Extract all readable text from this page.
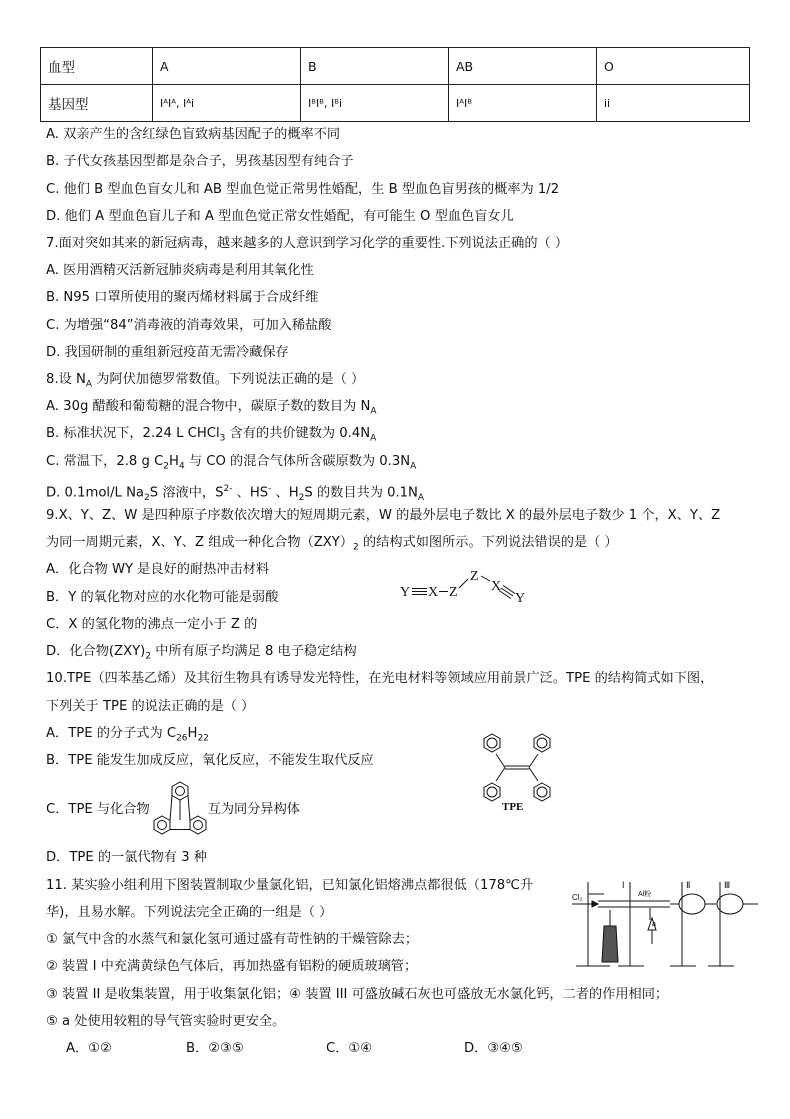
血型	A	B	AB	O
基因型	IᴬIᴬ, Iᴬi	IᴮIᴮ, Iᴮi	IᴬIᴮ	ii
A. 双亲产生的含红绿色盲致病基因配子的概率不同
B. 子代女孩基因型都是杂合子，男孩基因型有纯合子
C. 他们 B 型血色盲女儿和 AB 型血色觉正常男性婚配，生 B 型血色盲男孩的概率为 1/2
D. 他们 A 型血色盲儿子和 A 型血色觉正常女性婚配，有可能生 O 型血色盲女儿
7.面对突如其来的新冠病毒，越来越多的人意识到学习化学的重要性.下列说法正确的（ ）
A. 医用酒精灭活新冠肺炎病毒是利用其氧化性
B. N95 口罩所使用的聚丙烯材料属于合成纤维
C. 为增强“84”消毒液的消毒效果，可加入稀盐酸
D. 我国研制的重组新冠疫苗无需冷藏保存
8.设 $N_A$ 为阿伏加德罗常数值。下列说法正确的是（ ）
A. 30g 醋酸和葡萄糖的混合物中，碳原子数的数目为 $N_A$
B. 标准状况下，2.24 L CHCl$_3$ 含有的共价键数为 $0.4N_A$
C. 常温下，2.8 g $C_2H_4$ 与 CO 的混合气体所含碳原数为 $0.3N_A$
D. 0.1mol/L $Na_2S$ 溶液中，$S^{2-}$ 、HS- 、$H_2S$ 的数目共为 $0.1N_A$
9.X、Y、Z、W 是四种原子序数依次增大的短周期元素，W 的最外层电子数比 X 的最外层电子数少 1 个，X、Y、Z
为同一周期元素，X、Y、Z 组成一种化合物$(ZXY)_2$ 的结构式如图所示。下列说法错误的是（ ）
A．化合物 WY 是良好的耐热冲击材料
B．Y 的氧化物对应的水化物可能是弱酸
C．X 的氢化物的沸点一定小于 Z 的
D．化合物$(ZXY)_2$ 中所有原子均满足 8 电子稳定结构
Y X Z
Z
X
Y
10.TPE（四苯基乙烯）及其衍生物具有诱导发光特性，在光电材料等领域应用前景广泛。TPE 的结构简式如下图，
下列关于 TPE 的说法正确的是（ ）
A．TPE 的分子式为 $C_{26}H_{22}$
B．TPE 能发生加成反应，氧化反应，不能发生取代反应
C．TPE 与化合物	互为同分异构体
D．TPE 的一氯代物有 3 种
TPE
11. 某实验小组利用下图装置制取少量氯化铝，已知氯化铝熔沸点都很低（178℃升
华)，且易水解。下列说法完全正确的一组是（ ）
① 氯气中含的水蒸气和氯化氢可通过盛有苛性钠的干燥管除去；
② 装置 I 中充满黄绿色气体后，再加热盛有铝粉的硬质玻璃管；
③ 装置 II 是收集装置，用于收集氯化铝；④ 装置 III 可盛放碱石灰也可盛放无水氯化钙，二者的作用相同；
⑤ a 处使用较粗的导气管实验时更安全。
A．①②	B．②③⑤	C．①④	D．③④⑤
Cl₂
I
Al粉
a
Ⅱ	Ⅲ
